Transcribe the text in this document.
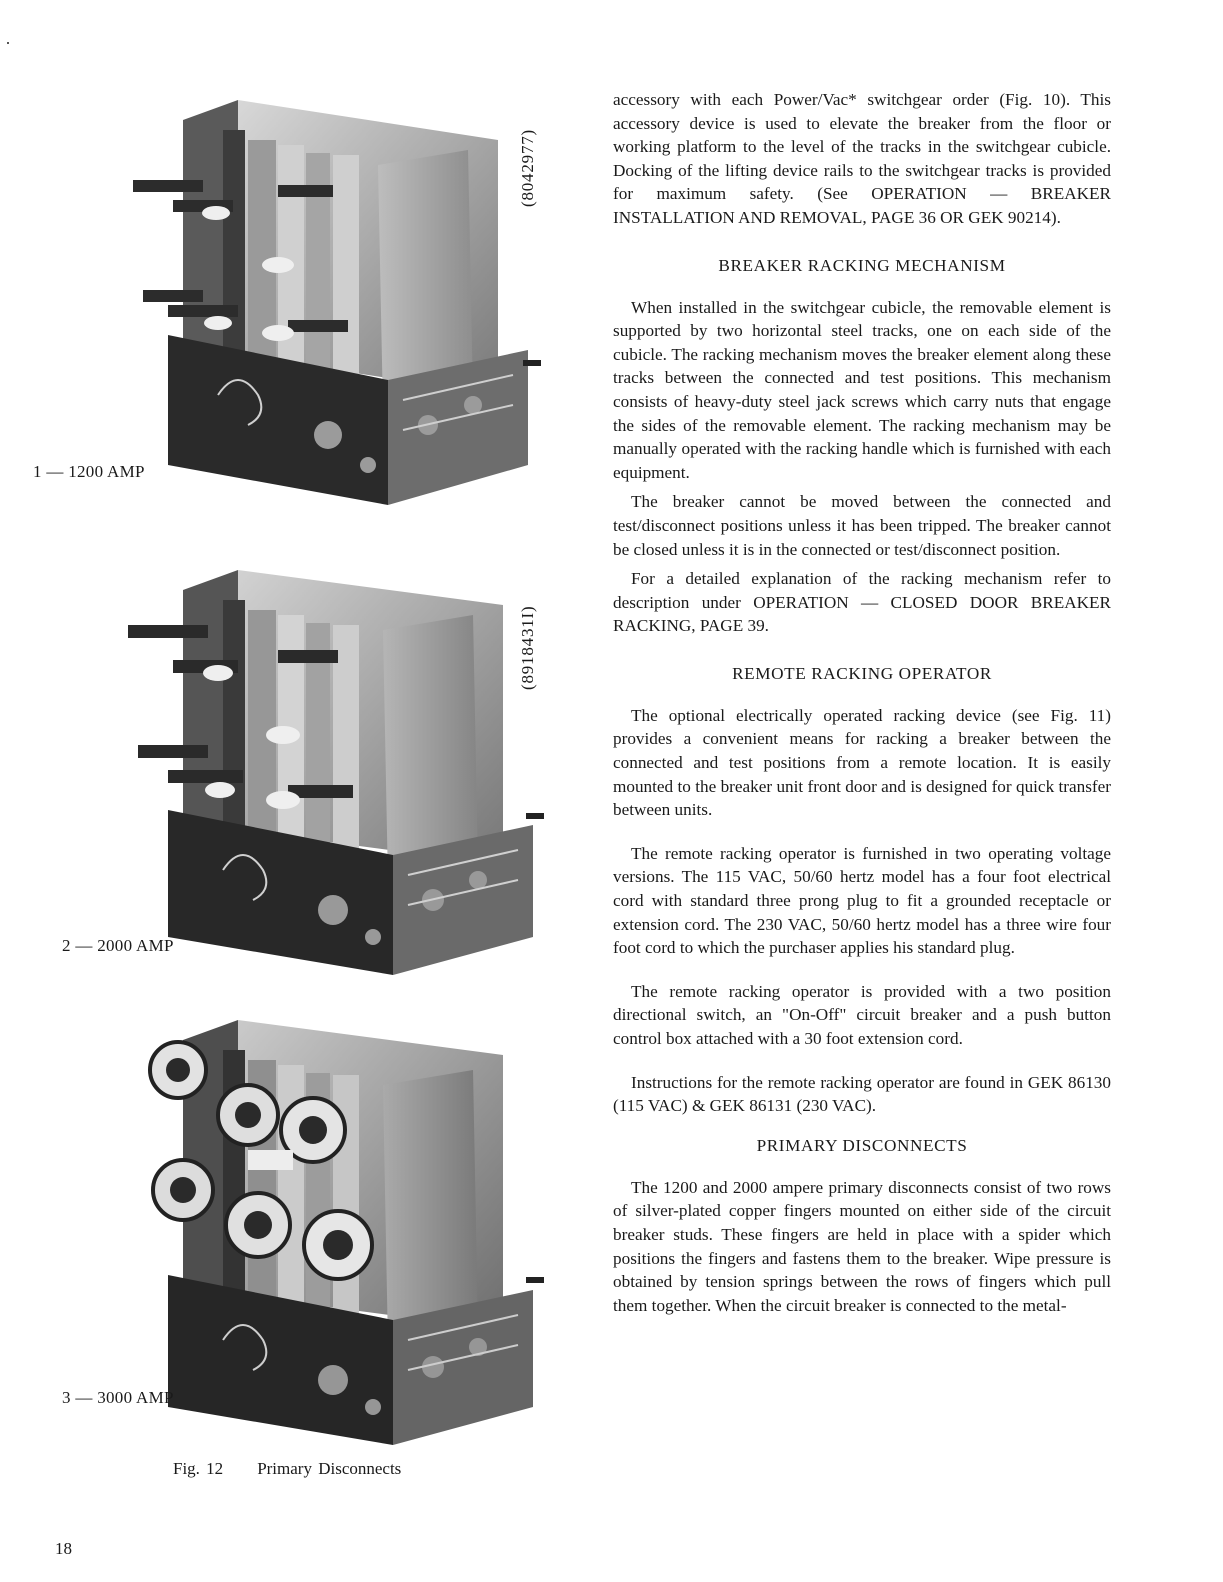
(8042977)
1 — 1200 AMP
(8918431I)
2 — 2000 AMP
3 — 3000 AMP
Fig. 12 Primary Disconnects
18

accessory with each Power/Vac* switchgear order (Fig. 10). This accessory device is used to elevate the breaker from the floor or working platform to the level of the tracks in the switchgear cubicle. Docking of the lifting device rails to the switchgear tracks is provided for maximum safety. (See OPERATION — BREAKER INSTALLATION AND REMOVAL, PAGE 36 OR GEK 90214).

BREAKER RACKING MECHANISM

When installed in the switchgear cubicle, the removable element is supported by two horizontal steel tracks, one on each side of the cubicle. The racking mechanism moves the breaker element along these tracks between the connected and test positions. This mechanism consists of heavy-duty steel jack screws which carry nuts that engage the sides of the removable element. The racking mechanism may be manually operated with the racking handle which is furnished with each equipment.

The breaker cannot be moved between the connected and test/disconnect positions unless it has been tripped. The breaker cannot be closed unless it is in the connected or test/disconnect position.

For a detailed explanation of the racking mechanism refer to description under OPERATION — CLOSED DOOR BREAKER RACKING, PAGE 39.

REMOTE RACKING OPERATOR

The optional electrically operated racking device (see Fig. 11) provides a convenient means for racking a breaker between the connected and test positions from a remote location. It is easily mounted to the breaker unit front door and is designed for quick transfer between units.

The remote racking operator is furnished in two operating voltage versions. The 115 VAC, 50/60 hertz model has a four foot electrical cord with standard three prong plug to fit a grounded receptacle or extension cord. The 230 VAC, 50/60 hertz model has a three wire four foot cord to which the purchaser applies his standard plug.

The remote racking operator is provided with a two position directional switch, an "On-Off" circuit breaker and a push button control box attached with a 30 foot extension cord.

Instructions for the remote racking operator are found in GEK 86130 (115 VAC) & GEK 86131 (230 VAC).

PRIMARY DISCONNECTS

The 1200 and 2000 ampere primary disconnects consist of two rows of silver-plated copper fingers mounted on either side of the circuit breaker studs. These fingers are held in place with a spider which positions the fingers and fastens them to the breaker. Wipe pressure is obtained by tension springs between the rows of fingers which pull them together. When the circuit breaker is connected to the metal-
